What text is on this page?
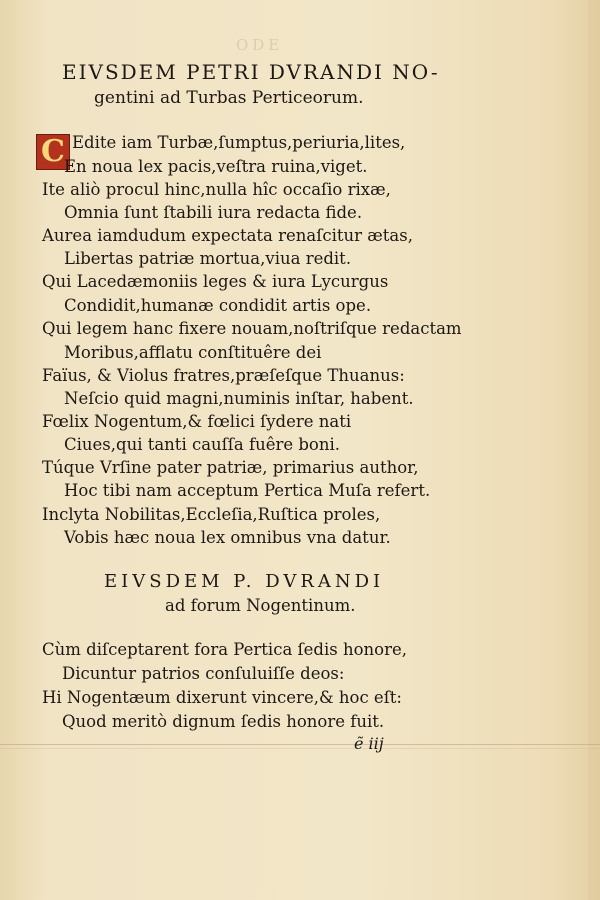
ODE
EIVSDEM PETRI DVRANDI NO-
gentini ad Turbas Perticeorum.
C Edite iam Turbæ,ſumptus,periuria,lites,
En noua lex pacis,veſtra ruina,viget.
Ite aliò procul hinc,nulla hîc occaſio rixæ,
Omnia ſunt ſtabili iura redacta fide.
Aurea iamdudum expectata renaſcitur ætas,
Libertas patriæ mortua,viua redit.
Qui Lacedæmoniis leges & iura Lycurgus
Condidit,humanæ condidit artis ope.
Qui legem hanc fixere nouam,noſtriſque redactam
Moribus,afflatu conſtituêre dei
Faïus, & Violus fratres,præſeſque Thuanus:
Neſcio quid magni,numinis inſtar, habent.
Fœlix Nogentum,& fœlici ſydere nati
Ciues,qui tanti cauſſa fuêre boni.
Túque Vrſine pater patriæ, primarius author,
Hoc tibi nam acceptum Pertica Muſa refert.
Inclyta Nobilitas,Eccleſia,Ruſtica proles,
Vobis hæc noua lex omnibus vna datur.
EIVSDEM P. DVRANDI
ad forum Nogentinum.
Cùm diſceptarent fora Pertica ſedis honore,
Dicuntur patrios conſuluiſſe deos:
Hi Nogentæum dixerunt vincere,& hoc eſt:
Quod meritò dignum ſedis honore fuit.
ẽ iij
